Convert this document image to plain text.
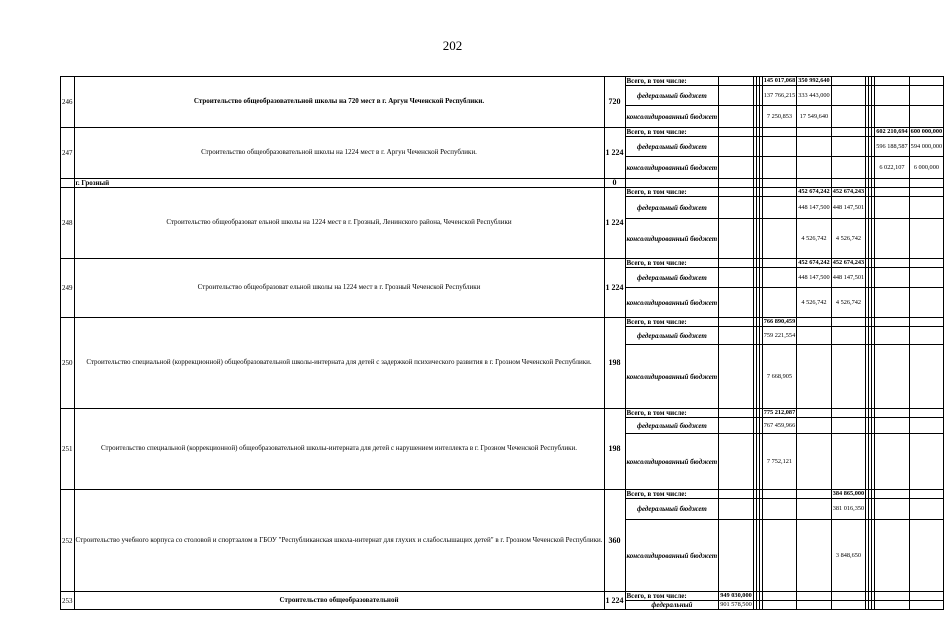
202
246	Строительство общеобразовательной школы на 720 мест в г. Аргун Чеченской Республики.	720	Всего, в том числе:					145 017,068	350 992,640						
			федеральный бюджет					137 766,215	333 443,000						
			консолидированный бюджет					7 250,853	17 549,640						
247	Строительство общеобразовательной школы на 1224 мест в г. Аргун Чеченской Республики.	1 224	Всего, в том числе:											602 210,694	600 000,000
			федеральный бюджет											596 188,587	594 000,000
			консолидированный бюджет											6 022,107	6 000,000
	г. Грозный	0													
248	Строительство общеобразоват ельной школы на 1224 мест в г. Грозный, Ленинского района, Чеченской Республики	1 224	Всего, в том числе:						452 674,242	452 674,243					
			федеральный бюджет						448 147,500	448 147,501					
			консолидированный бюджет						4 526,742	4 526,742					
249	Строительство общеобразоват ельной школы на 1224 мест в г. Грозный Чеченской Республики	1 224	Всего, в том числе:						452 674,242	452 674,243					
			федеральный бюджет						448 147,500	448 147,501					
			консолидированный бюджет						4 526,742	4 526,742					
250	Строительство специальной (коррекционной) общеобразовательной школы-интерната для детей с задержкой психического развития в г. Грозном Чеченской Республики.	198	Всего, в том числе:					766 890,459							
			федеральный бюджет					759 221,554							
			консолидированный бюджет					7 668,905							
251	Строительство специальной (коррекционной) общеобразовательной школы-интерната для детей с нарушением интеллекта в г. Грозном Чеченской Республики.	198	Всего, в том числе:					775 212,087							
			федеральный бюджет					767 459,966							
			консолидированный бюджет					7 752,121							
252	Строительство учебного корпуса со столовой и спортзалом в ГБОУ "Республиканская школа-интернат для глухих и слабослышащих детей" в г. Грозном Чеченской Республики.	360	Всего, в том числе:							384 865,000					
			федеральный бюджет							381 016,350					
			консолидированный бюджет							3 848,650					
253	Строительство общеобразовательной	1 224	Всего, в том числе:	949 030,000											
			федеральный	901 578,500											
